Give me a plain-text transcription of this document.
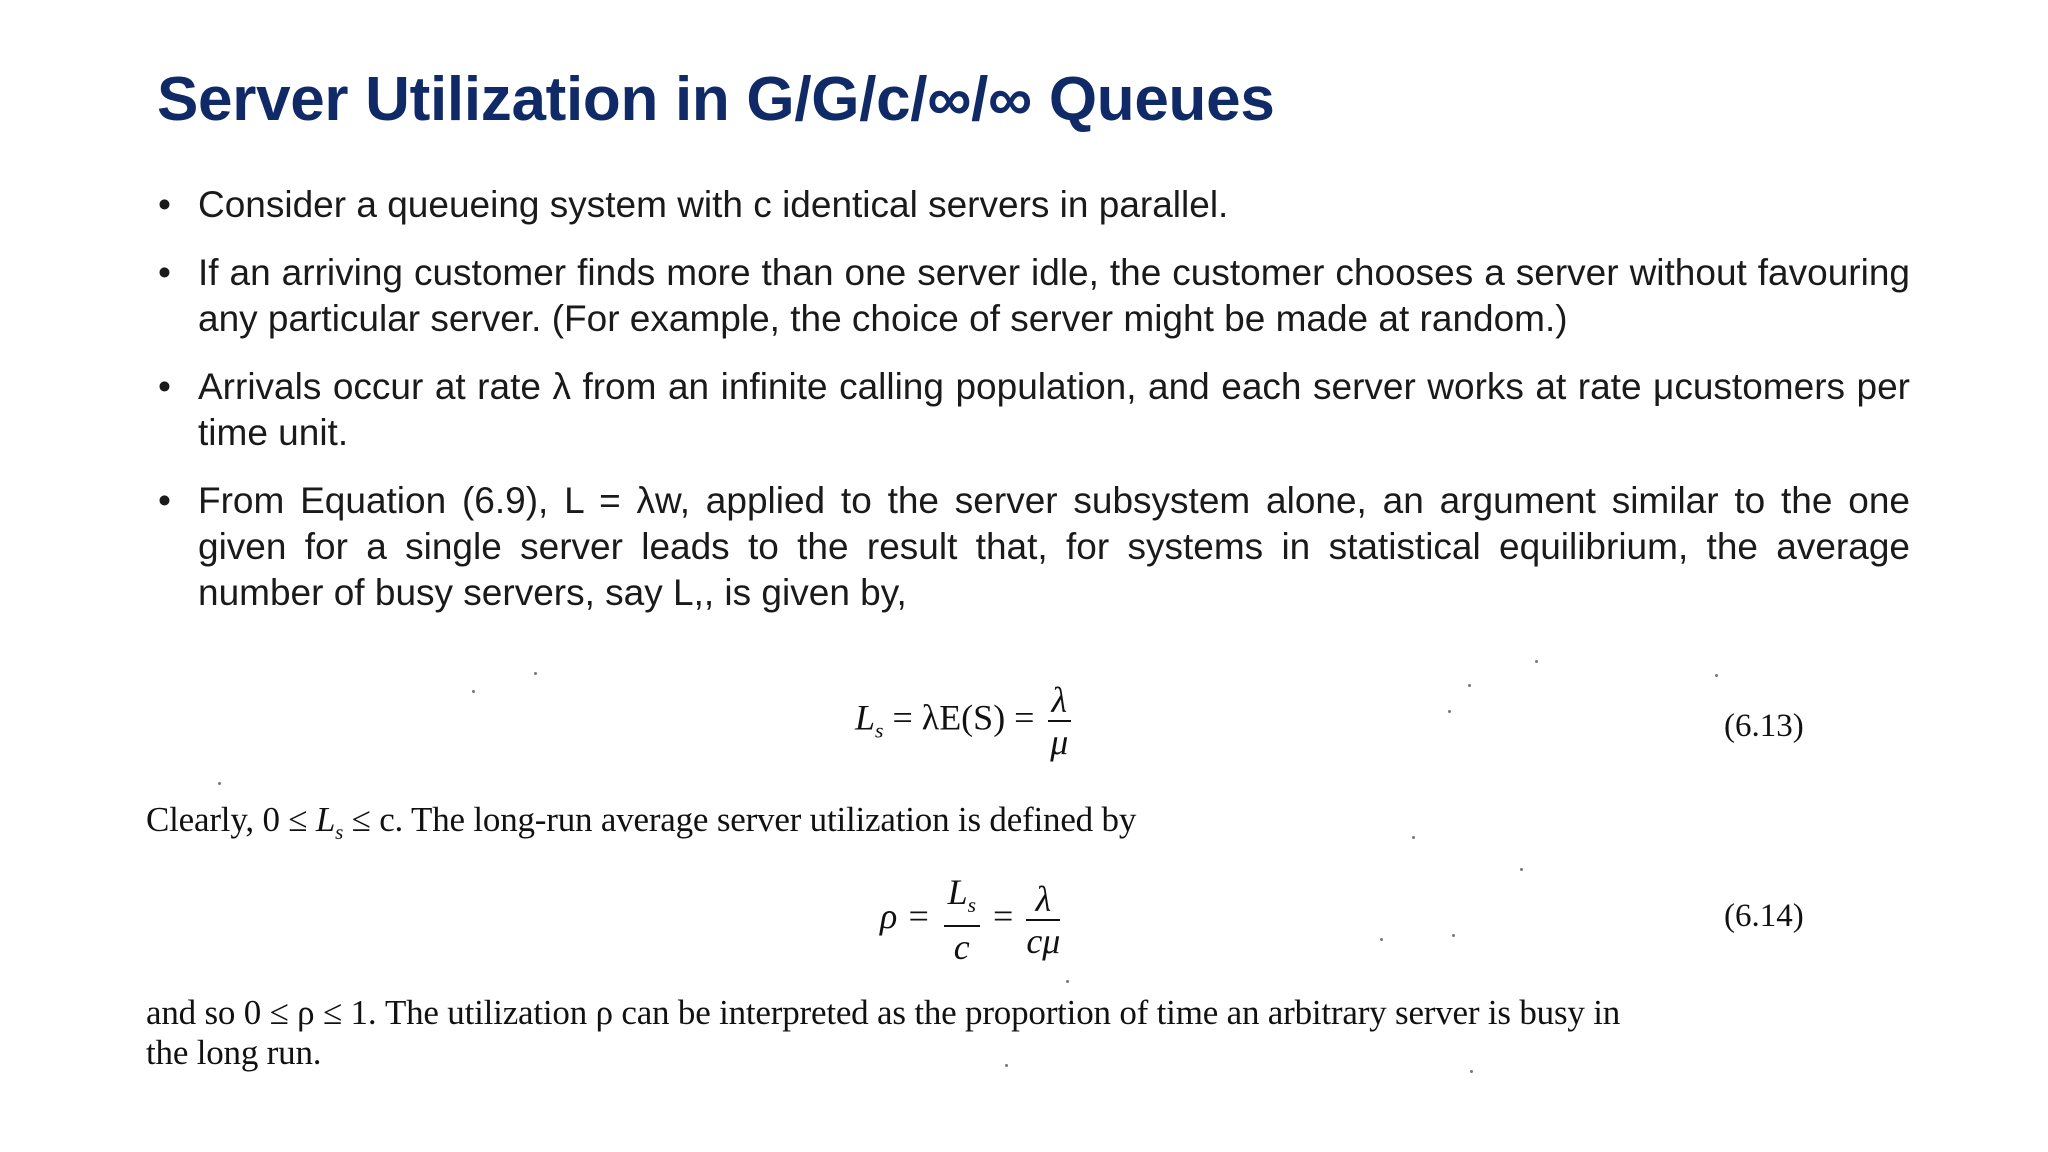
Server Utilization in G/G/c/∞/∞ Queues
• Consider a queueing system with c identical servers in parallel.
• If an arriving customer finds more than one server idle, the customer chooses a server without favouring any particular server. (For example, the choice of server might be made at random.)
• Arrivals occur at rate λ from an infinite calling population, and each server works at rate μcustomers per time unit.
• From Equation (6.9), L = λw, applied to the server subsystem alone, an argument similar to the one given for a single server leads to the result that, for systems in statistical equilibrium, the average number of busy servers, say L,, is given by,
$L_s = \lambda E(S) = \frac{\lambda}{\mu}$	(6.13)
Clearly, $0 \le L_s \le c$. The long-run average server utilization is defined by
$\rho = \frac{L_s}{c} = \frac{\lambda}{c\mu}$	(6.14)
and so 0 ≤ ρ ≤ 1. The utilization ρ can be interpreted as the proportion of time an arbitrary server is busy in
the long run.
